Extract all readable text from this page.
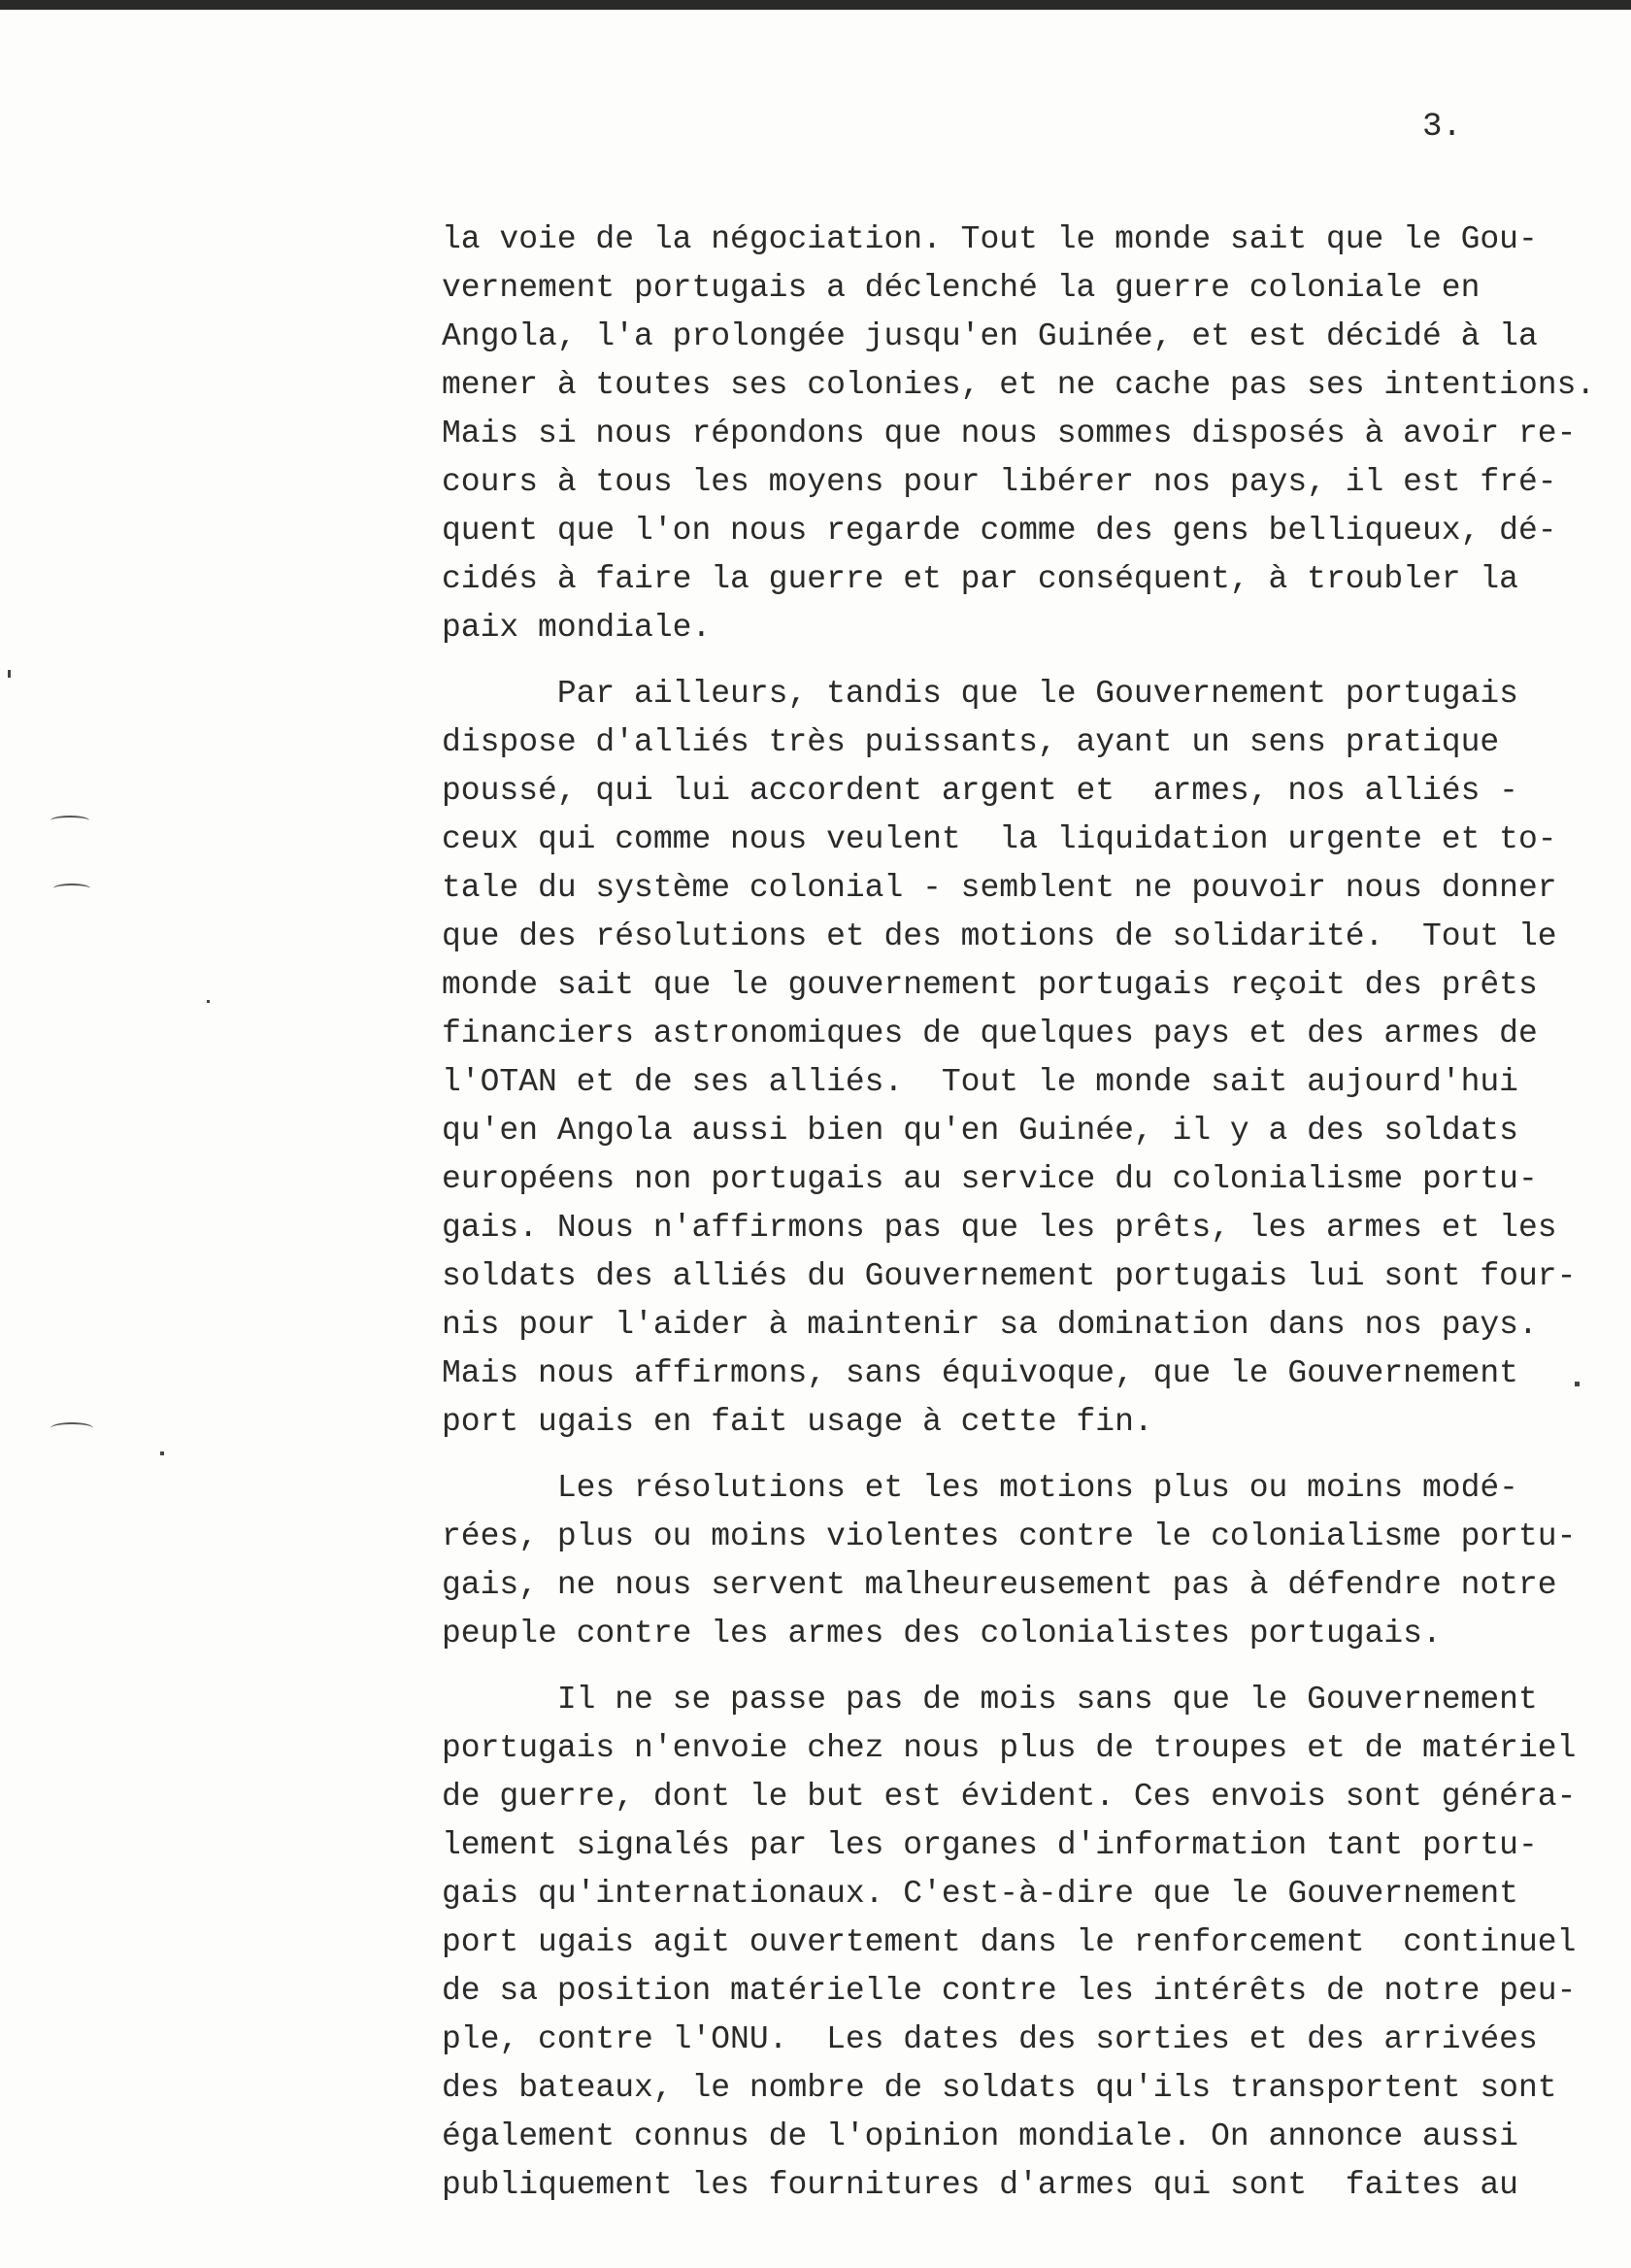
3.
la voie de la négociation. Tout le monde sait que le Gou-
vernement portugais a déclenché la guerre coloniale en
Angola, l'a prolongée jusqu'en Guinée, et est décidé à la
mener à toutes ses colonies, et ne cache pas ses intentions.
Mais si nous répondons que nous sommes disposés à avoir re-
cours à tous les moyens pour libérer nos pays, il est fré-
quent que l'on nous regarde comme des gens belliqueux, dé-
cidés à faire la guerre et par conséquent, à troubler la
paix mondiale.
Par ailleurs, tandis que le Gouvernement portugais
dispose d'alliés très puissants, ayant un sens pratique
poussé, qui lui accordent argent et  armes, nos alliés -
ceux qui comme nous veulent  la liquidation urgente et to-
tale du système colonial - semblent ne pouvoir nous donner
que des résolutions et des motions de solidarité.  Tout le
monde sait que le gouvernement portugais reçoit des prêts
financiers astronomiques de quelques pays et des armes de
l'OTAN et de ses alliés.  Tout le monde sait aujourd'hui
qu'en Angola aussi bien qu'en Guinée, il y a des soldats
européens non portugais au service du colonialisme portu-
gais. Nous n'affirmons pas que les prêts, les armes et les
soldats des alliés du Gouvernement portugais lui sont four-
nis pour l'aider à maintenir sa domination dans nos pays.
Mais nous affirmons, sans équivoque, que le Gouvernement
port ugais en fait usage à cette fin.
Les résolutions et les motions plus ou moins modé-
rées, plus ou moins violentes contre le colonialisme portu-
gais, ne nous servent malheureusement pas à défendre notre
peuple contre les armes des colonialistes portugais.
Il ne se passe pas de mois sans que le Gouvernement
portugais n'envoie chez nous plus de troupes et de matériel
de guerre, dont le but est évident. Ces envois sont généra-
lement signalés par les organes d'information tant portu-
gais qu'internationaux. C'est-à-dire que le Gouvernement
port ugais agit ouvertement dans le renforcement  continuel
de sa position matérielle contre les intérêts de notre peu-
ple, contre l'ONU.  Les dates des sorties et des arrivées
des bateaux, le nombre de soldats qu'ils transportent sont
également connus de l'opinion mondiale. On annonce aussi
publiquement les fournitures d'armes qui sont  faites au
